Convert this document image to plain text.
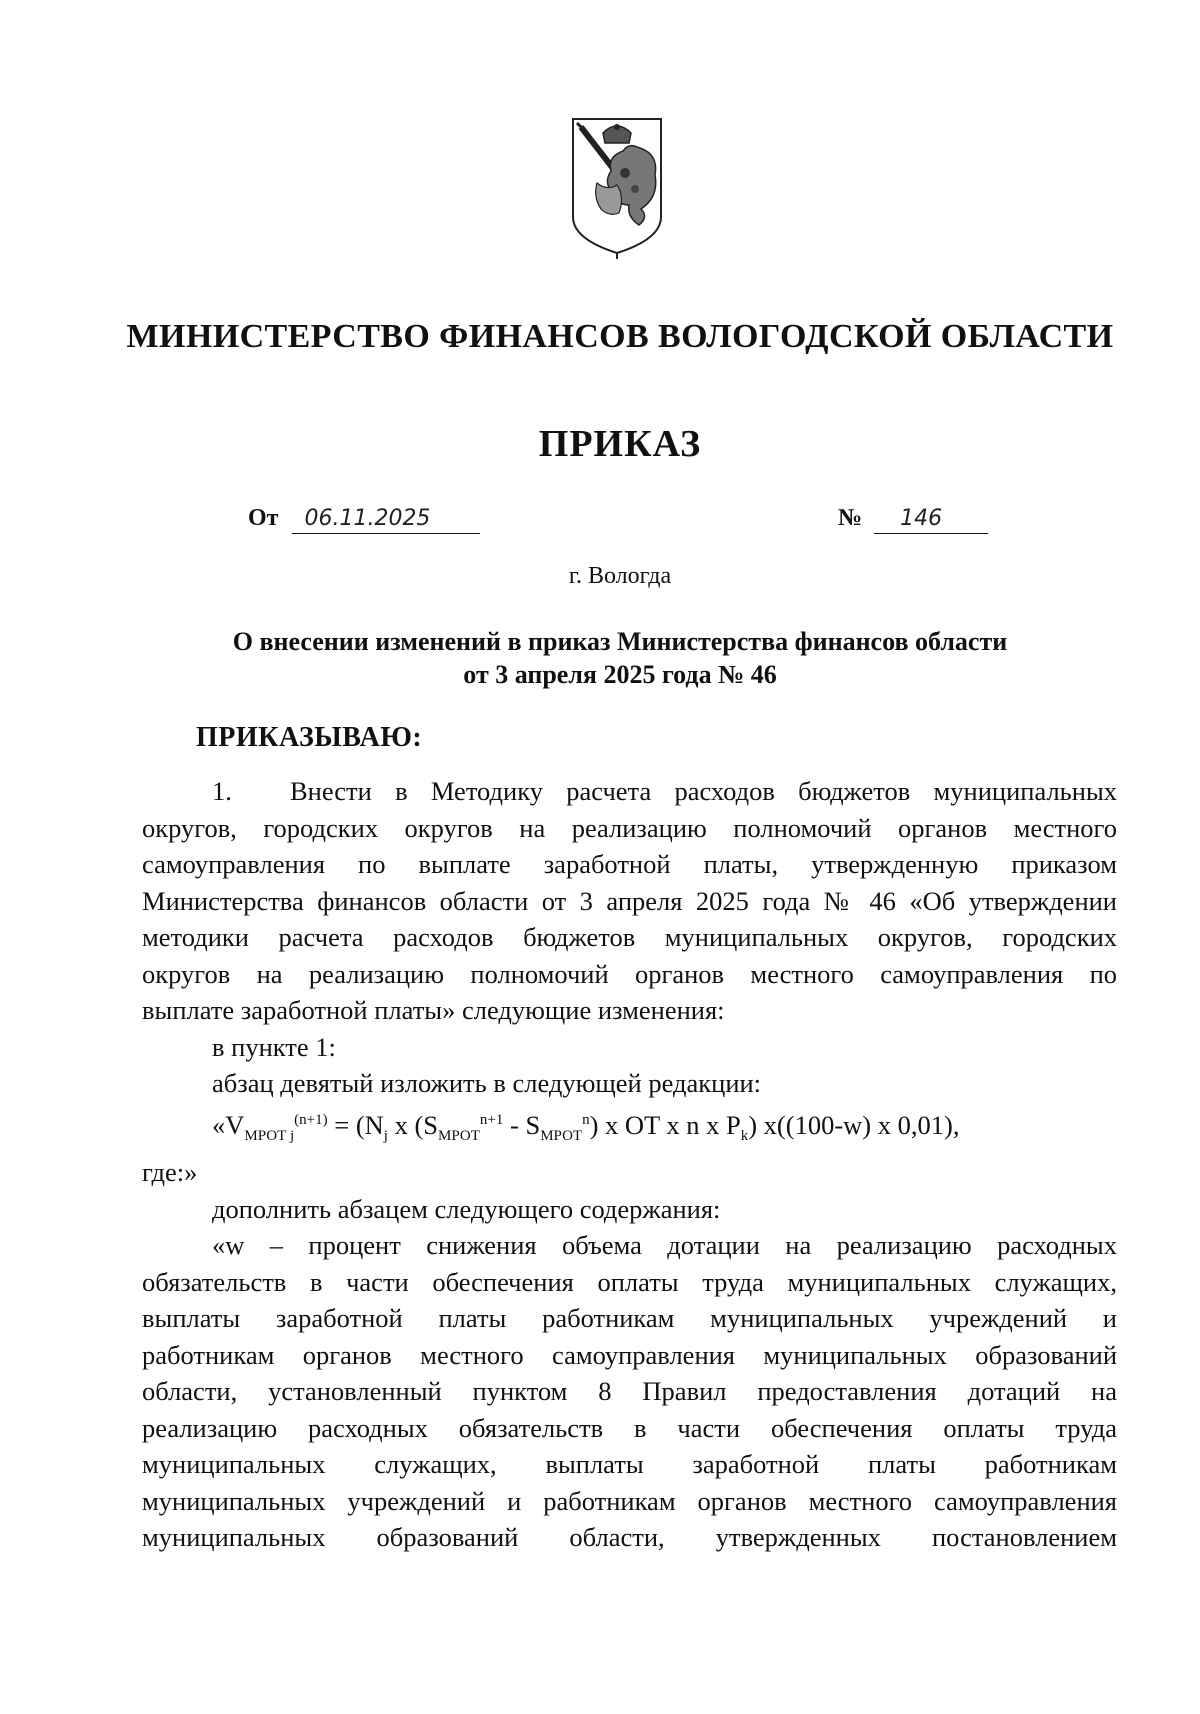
МИНИСТЕРСТВО ФИНАНСОВ ВОЛОГОДСКОЙ ОБЛАСТИ
ПРИКАЗ
От 06.11.2025	№ 146
г. Вологда
О внесении изменений в приказ Министерства финансов области
от 3 апреля 2025 года № 46
ПРИКАЗЫВАЮ:

1. Внести в Методику расчета расходов бюджетов муниципальных

округов, городских округов на реализацию полномочий органов местного

самоуправления по выплате заработной платы, утвержденную приказом

Министерства финансов области от 3 апреля 2025 года № 46 «Об утверждении

методики расчета расходов бюджетов муниципальных округов, городских

округов на реализацию полномочий органов местного самоуправления по

выплате заработной платы» следующие изменения:

в пункте 1:

абзац девятый изложить в следующей редакции:

«$V_{МРОТ j}^{(n+1)} = (N_j$ x $(S_{МРОТ}^{n+1} - S_{МРОТ}^n)$ x OT x n x $P_k$) x((100-w) x 0,01),

где:»

дополнить абзацем следующего содержания:

«w – процент снижения объема дотации на реализацию расходных

обязательств в части обеспечения оплаты труда муниципальных служащих,

выплаты заработной платы работникам муниципальных учреждений и

работникам органов местного самоуправления муниципальных образований

области, установленный пунктом 8 Правил предоставления дотаций на

реализацию расходных обязательств в части обеспечения оплаты труда

муниципальных служащих, выплаты заработной платы работникам

муниципальных учреждений и работникам органов местного самоуправления

муниципальных образований области, утвержденных постановлением
